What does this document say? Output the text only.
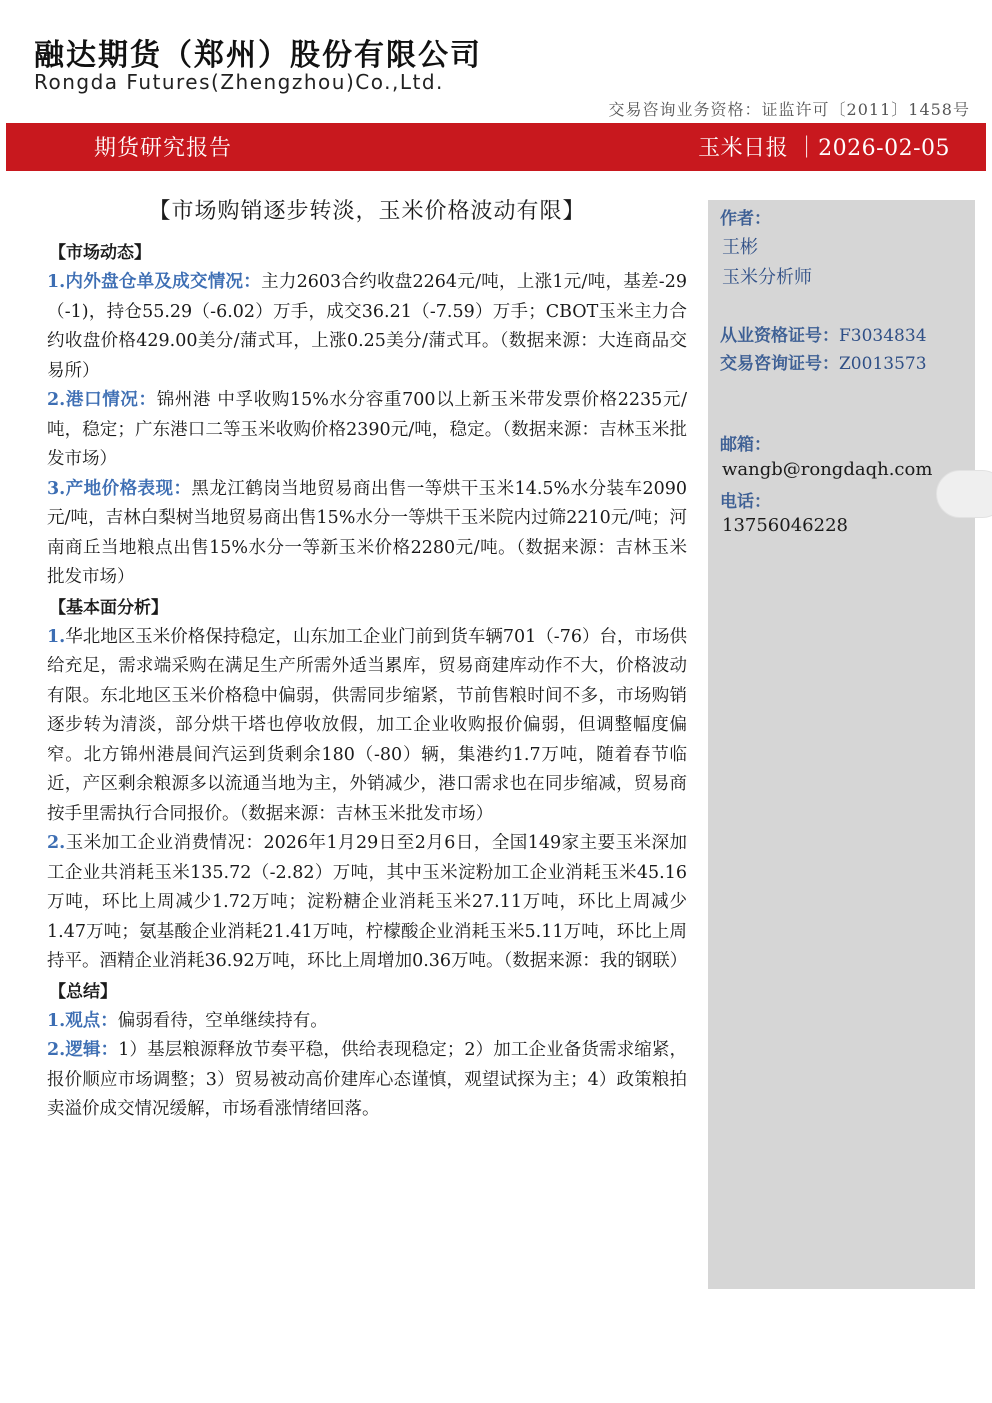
融达期货（郑州）股份有限公司
Rongda Futures(Zhengzhou)Co.,Ltd.
交易咨询业务资格：证监许可〔2011〕1458号
期货研究报告	玉米日报 ｜2026-02-05
【市场购销逐步转淡，玉米价格波动有限】
【市场动态】

1.内外盘仓单及成交情况：主力2603合约收盘2264元/吨，上涨1元/吨，基差-29（-1)，持仓55.29（-6.02）万手，成交36.21（-7.59）万手；CBOT玉米主力合约收盘价格429.00美分/蒲式耳，上涨0.25美分/蒲式耳。（数据来源：大连商品交易所）

2.港口情况：锦州港 中孚收购15%水分容重700以上新玉米带发票价格2235元/吨，稳定；广东港口二等玉米收购价格2390元/吨，稳定。（数据来源：吉林玉米批发市场）

3.产地价格表现：黑龙江鹤岗当地贸易商出售一等烘干玉米14.5%水分装车2090元/吨，吉林白梨树当地贸易商出售15%水分一等烘干玉米院内过筛2210元/吨；河南商丘当地粮点出售15%水分一等新玉米价格2280元/吨。（数据来源：吉林玉米批发市场）

【基本面分析】

1.华北地区玉米价格保持稳定，山东加工企业门前到货车辆701（-76）台，市场供给充足，需求端采购在满足生产所需外适当累库，贸易商建库动作不大，价格波动有限。东北地区玉米价格稳中偏弱，供需同步缩紧，节前售粮时间不多，市场购销逐步转为清淡，部分烘干塔也停收放假，加工企业收购报价偏弱，但调整幅度偏窄。北方锦州港晨间汽运到货剩余180（-80）辆，集港约1.7万吨，随着春节临近，产区剩余粮源多以流通当地为主，外销减少，港口需求也在同步缩减，贸易商按手里需执行合同报价。（数据来源：吉林玉米批发市场）

2.玉米加工企业消费情况：2026年1月29日至2月6日，全国149家主要玉米深加工企业共消耗玉米135.72（-2.82）万吨，其中玉米淀粉加工企业消耗玉米45.16万吨，环比上周减少1.72万吨；淀粉糖企业消耗玉米27.11万吨，环比上周减少1.47万吨；氨基酸企业消耗21.41万吨，柠檬酸企业消耗玉米5.11万吨，环比上周持平。酒精企业消耗36.92万吨，环比上周增加0.36万吨。（数据来源：我的钢联）

【总结】

1.观点：偏弱看待，空单继续持有。

2.逻辑：1）基层粮源释放节奏平稳，供给表现稳定；2）加工企业备货需求缩紧，报价顺应市场调整；3）贸易被动高价建库心态谨慎，观望试探为主；4）政策粮拍卖溢价成交情况缓解，市场看涨情绪回落。

作者：
王彬
玉米分析师
从业资格证号：F3034834
交易咨询证号：Z0013573
邮箱：
wangb@rongdaqh.com
电话：
13756046228
